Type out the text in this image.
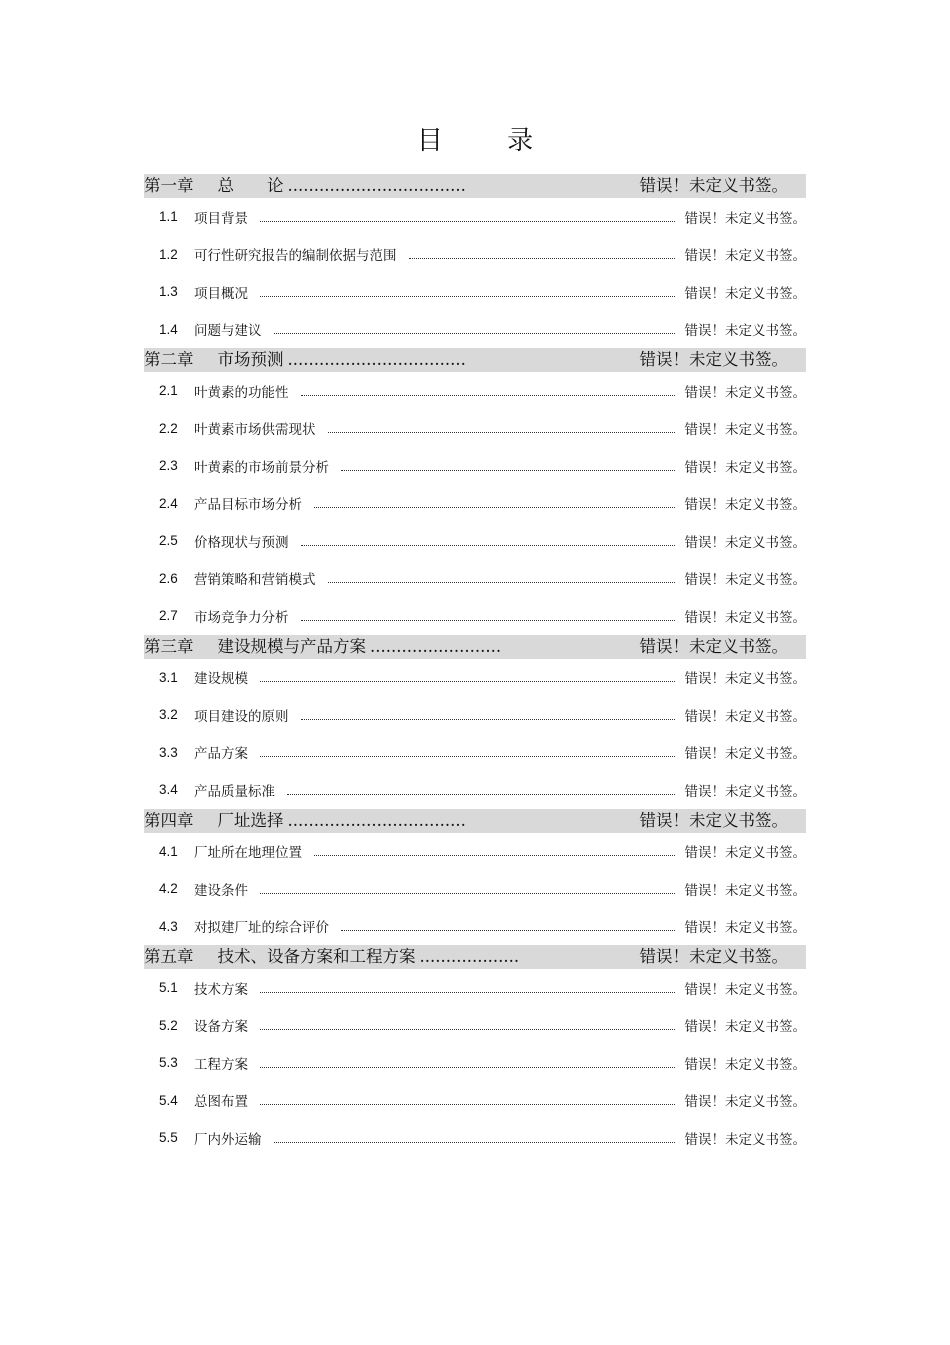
目 录
第一章 总　　论 ..................................	错误！未定义书签。
1.1	项目背景	错误！未定义书签。
1.2	可行性研究报告的编制依据与范围	错误！未定义书签。
1.3	项目概况	错误！未定义书签。
1.4	问题与建议	错误！未定义书签。
第二章 市场预测 ..................................	错误！未定义书签。
2.1	叶黄素的功能性	错误！未定义书签。
2.2	叶黄素市场供需现状	错误！未定义书签。
2.3	叶黄素的市场前景分析	错误！未定义书签。
2.4	产品目标市场分析	错误！未定义书签。
2.5	价格现状与预测	错误！未定义书签。
2.6	营销策略和营销模式	错误！未定义书签。
2.7	市场竞争力分析	错误！未定义书签。
第三章 建设规模与产品方案 .........................	错误！未定义书签。
3.1	建设规模	错误！未定义书签。
3.2	项目建设的原则	错误！未定义书签。
3.3	产品方案	错误！未定义书签。
3.4	产品质量标准	错误！未定义书签。
第四章 厂址选择 ..................................	错误！未定义书签。
4.1	厂址所在地理位置	错误！未定义书签。
4.2	建设条件	错误！未定义书签。
4.3	对拟建厂址的综合评价	错误！未定义书签。
第五章 技术、设备方案和工程方案 ...................	错误！未定义书签。
5.1	技术方案	错误！未定义书签。
5.2	设备方案	错误！未定义书签。
5.3	工程方案	错误！未定义书签。
5.4	总图布置	错误！未定义书签。
5.5	厂内外运输	错误！未定义书签。
